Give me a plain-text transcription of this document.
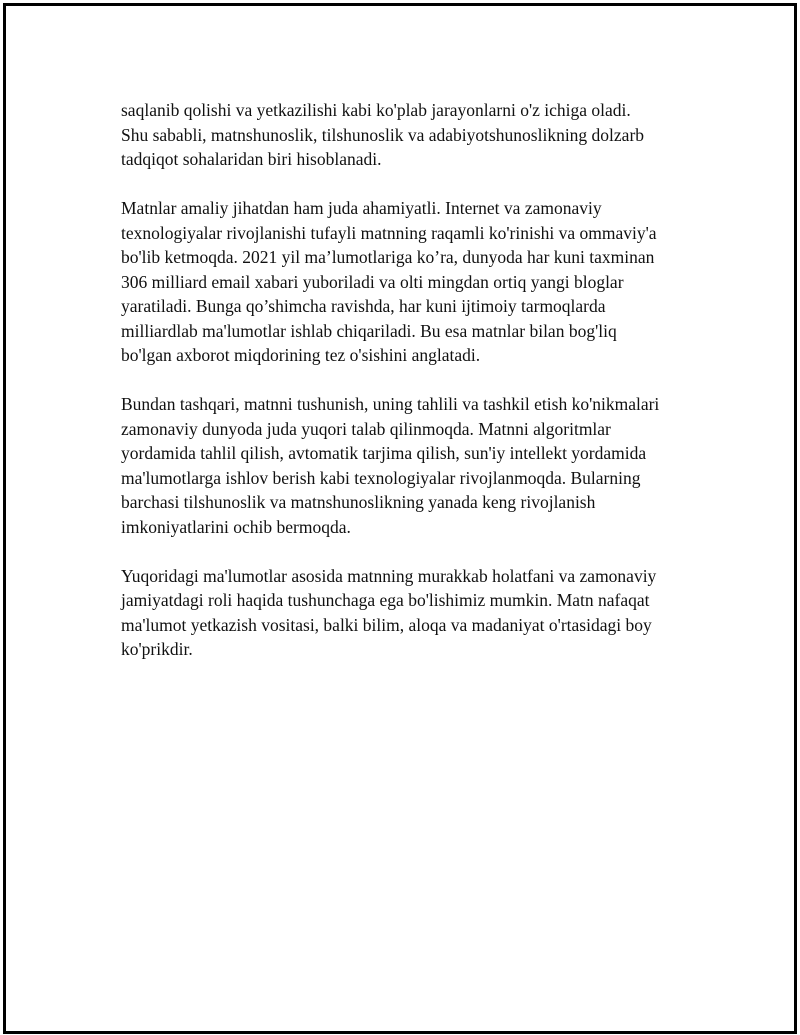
saqlanib qolishi va yetkazilishi kabi ko'plab jarayonlarni o'z ichiga oladi.
Shu sababli, matnshunoslik, tilshunoslik va adabiyotshunoslikning dolzarb
tadqiqot sohalaridan biri hisoblanadi.

Matnlar amaliy jihatdan ham juda ahamiyatli. Internet va zamonaviy
texnologiyalar rivojlanishi tufayli matnning raqamli ko'rinishi va ommaviy'a
bo'lib ketmoqda. 2021 yil ma’lumotlariga ko’ra, dunyoda har kuni taxminan
306 milliard email xabari yuboriladi va olti mingdan ortiq yangi bloglar
yaratiladi. Bunga qo’shimcha ravishda, har kuni ijtimoiy tarmoqlarda
milliardlab ma'lumotlar ishlab chiqariladi. Bu esa matnlar bilan bog'liq
bo'lgan axborot miqdorining tez o'sishini anglatadi.

Bundan tashqari, matnni tushunish, uning tahlili va tashkil etish ko'nikmalari
zamonaviy dunyoda juda yuqori talab qilinmoqda. Matnni algoritmlar
yordamida tahlil qilish, avtomatik tarjima qilish, sun'iy intellekt yordamida
ma'lumotlarga ishlov berish kabi texnologiyalar rivojlanmoqda. Bularning
barchasi tilshunoslik va matnshunoslikning yanada keng rivojlanish
imkoniyatlarini ochib bermoqda.

Yuqoridagi ma'lumotlar asosida matnning murakkab holatfani va zamonaviy
jamiyatdagi roli haqida tushunchaga ega bo'lishimiz mumkin. Matn nafaqat
ma'lumot yetkazish vositasi, balki bilim, aloqa va madaniyat o'rtasidagi boy
ko'prikdir.
